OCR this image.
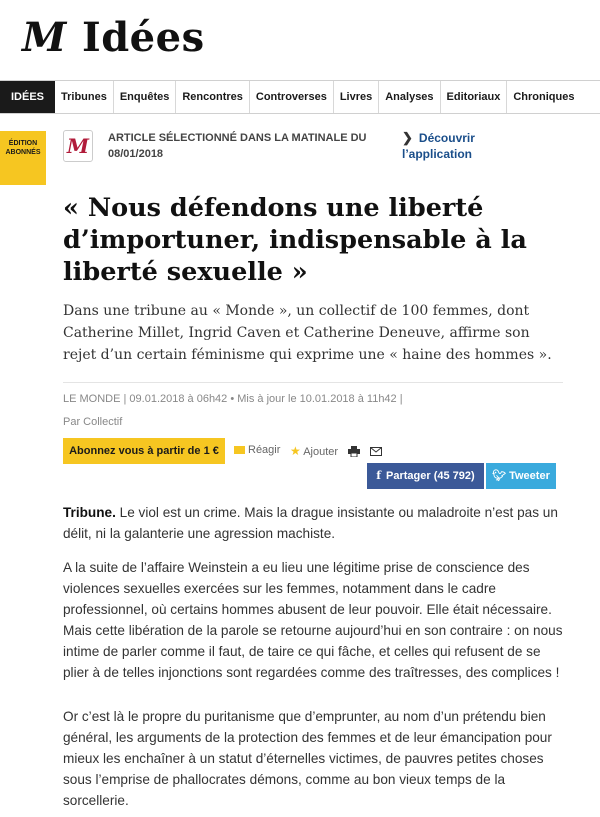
M Idées
IDÉES	Tribunes	Enquêtes	Rencontres	Controverses	Livres	Analyses	Editoriaux	Chroniques
ÉDITION
ABONNÉS M	ARTICLE SÉLECTIONNÉ DANS LA MATINALE DU 08/01/2018
❯ Découvrir
l’application
« Nous défendons une liberté d’importuner, indispensable à la liberté sexuelle »
Dans une tribune au « Monde », un collectif de 100 femmes, dont Catherine Millet, Ingrid Caven et Catherine Deneuve, affirme son rejet d’un certain féminisme qui exprime une « haine des hommes ».
LE MONDE | 09.01.2018 à 06h42 • Mis à jour le 10.01.2018 à 11h42 |
Par Collectif
Abonnez vous à partir de 1 €	Réagir ★ Ajouter
f Partager (45 792)	🐦︎ Tweeter
Tribune. Le viol est un crime. Mais la drague insistante ou maladroite n’est pas un délit, ni la galanterie une agression machiste.
A la suite de l’affaire Weinstein a eu lieu une légitime prise de conscience des violences sexuelles exercées sur les femmes, notamment dans le cadre professionnel, où certains hommes abusent de leur pouvoir. Elle était nécessaire. Mais cette libération de la parole se retourne aujourd’hui en son contraire : on nous intime de parler comme il faut, de taire ce qui fâche, et celles qui refusent de se plier à de telles injonctions sont regardées comme des traîtresses, des complices !
Or c’est là le propre du puritanisme que d’emprunter, au nom d’un prétendu bien général, les arguments de la protection des femmes et de leur émancipation pour mieux les enchaîner à un statut d’éternelles victimes, de pauvres petites choses sous l’emprise de phallocrates démons, comme au bon vieux temps de la sorcellerie.
